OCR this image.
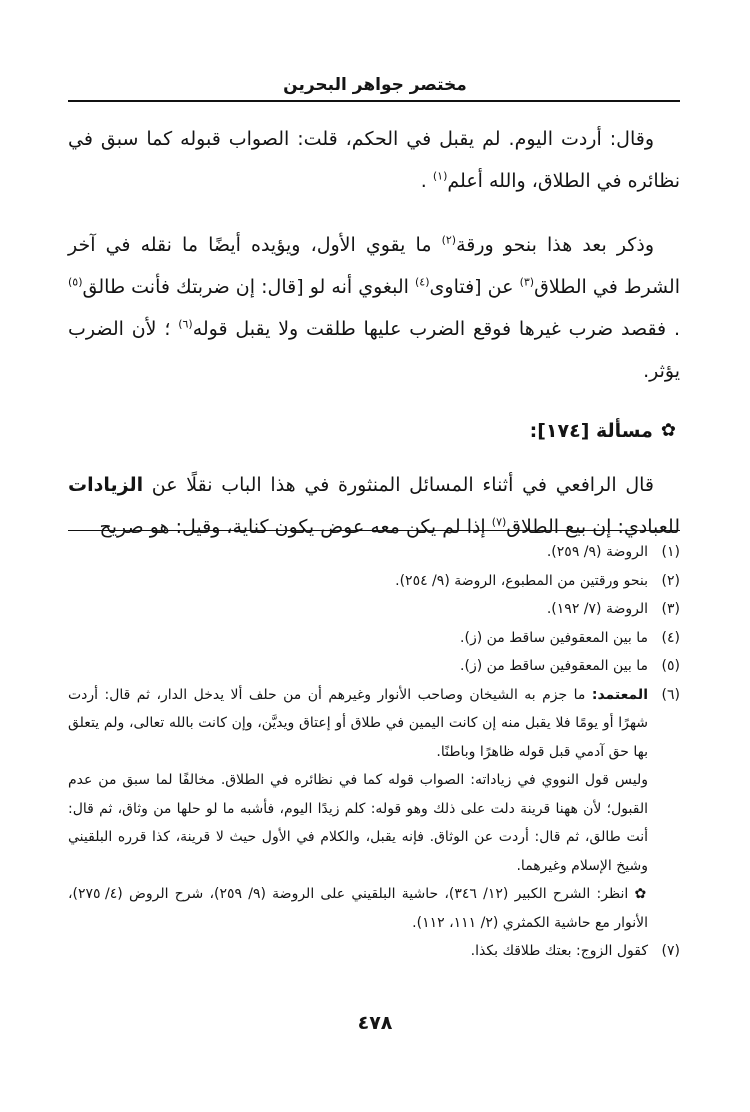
مختصر جواهر البحرين

وقال: أردت اليوم. لم يقبل في الحكم، قلت: الصواب قبوله كما سبق في نظائره في الطلاق، والله أعلم$^{(١)}$ .

وذكر بعد هذا بنحو ورقة$^{(٢)}$ ما يقوي الأول، ويؤيده أيضًا ما نقله في آخر الشرط في الطلاق$^{(٣)}$ عن [فتاوى$^{(٤)}$ البغوي أنه لو [قال: إن ضربتك فأنت طالق$^{(٥)}$ . فقصد ضرب غيرها فوقع الضرب عليها طلقت ولا يقبل قوله$^{(٦)}$ ؛ لأن الضرب يؤثر.

✿
مسألة [١٧٤]:

قال الرافعي في أثناء المسائل المنثورة في هذا الباب نقلًا عن الزيادات للعبادي: إن بيع الطلاق$^{(٧)}$ إذا لم يكن معه عوض يكون كناية، وقيل: هو صريح

(١)
الروضة (٩/ ٢٥٩).
(٢)
بنحو ورقتين من المطبوع، الروضة (٩/ ٢٥٤).
(٣)
الروضة (٧/ ١٩٢).
(٤)
ما بين المعقوفين ساقط من (ز).
(٥)
ما بين المعقوفين ساقط من (ز).
(٦)
المعتمد: ما جزم به الشيخان وصاحب الأنوار وغيرهم أن من حلف ألا يدخل الدار، ثم قال: أردت شهرًا أو يومًا فلا يقبل منه إن كانت اليمين في طلاق أو إعتاق ويديَّن، وإن كانت بالله تعالى، ولم يتعلق بها حق آدمي قبل قوله ظاهرًا وباطنًا.
وليس قول النووي في زياداته: الصواب قوله كما في نظائره في الطلاق. مخالفًا لما سبق من عدم القبول؛ لأن ههنا قرينة دلت على ذلك وهو قوله: كلم زيدًا اليوم، فأشبه ما لو حلها من وثاق، ثم قال: أنت طالق، ثم قال: أردت عن الوثاق. فإنه يقبل، والكلام في الأول حيث لا قرينة، كذا قرره البلقيني وشيخ الإسلام وغيرهما.
✿ انظر: الشرح الكبير (١٢/ ٣٤٦)، حاشية البلقيني على الروضة (٩/ ٢٥٩)، شرح الروض (٤/ ٢٧٥)، الأنوار مع حاشية الكمثري (٢/ ١١١، ١١٢).
(٧)
كقول الزوج: بعتك طلاقك بكذا.
٤٧٨
